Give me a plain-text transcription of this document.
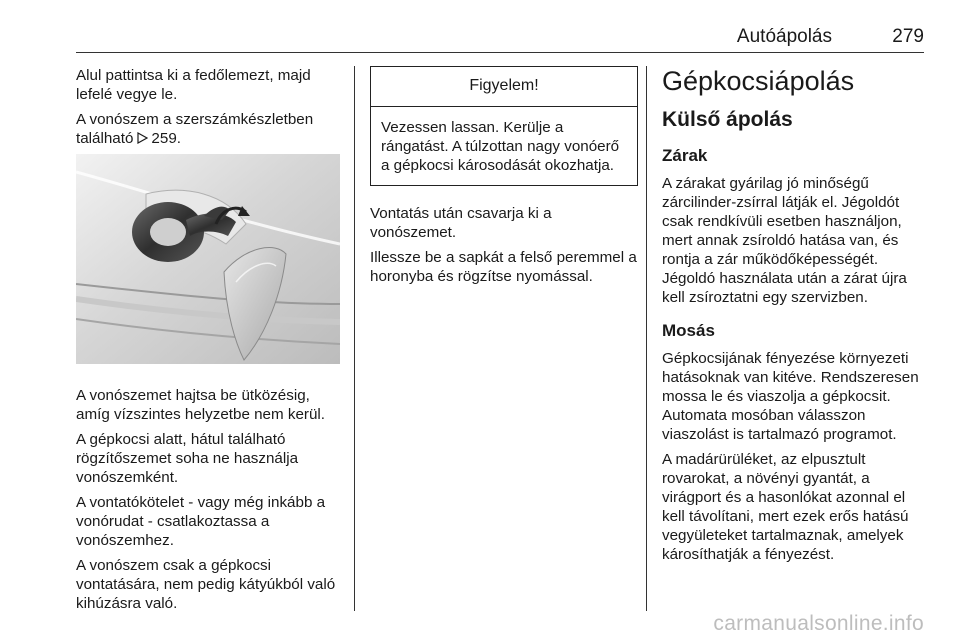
Autóápolás	279

Alul pattintsa ki a fedőlemezt, majd lefelé vegye le.

A vonószem a szerszámkészletben található 259.

A vonószemet hajtsa be ütközésig, amíg vízszintes helyzetbe nem kerül.

A gépkocsi alatt, hátul található rögzítőszemet soha ne használja vonószemként.

A vontatókötelet - vagy még inkább a vonórudat - csatlakoztassa a vonószemhez.

A vonószem csak a gépkocsi vontatására, nem pedig kátyúkból való kihúzásra való.

Figyelem!
Vezessen lassan. Kerülje a rángatást. A túlzottan nagy vonóerő a gépkocsi károsodását okozhatja.

Vontatás után csavarja ki a vonószemet.

Illessze be a sapkát a felső peremmel a horonyba és rögzítse nyomással.

Gépkocsiápolás
Külső ápolás
Zárak

A zárakat gyárilag jó minőségű zárcilinder-zsírral látják el. Jégoldót csak rendkívüli esetben használjon, mert annak zsíroldó hatása van, és rontja a zár működőképességét. Jégoldó használata után a zárat újra kell zsíroztatni egy szervizben.

Mosás

Gépkocsijának fényezése környezeti hatásoknak van kitéve. Rendszeresen mossa le és viaszolja a gépkocsit. Automata mosóban válasszon viaszolást is tartalmazó programot.

A madárürüléket, az elpusztult rovarokat, a növényi gyantát, a virágport és a hasonlókat azonnal el kell távolítani, mert ezek erős hatású vegyületeket tartalmaznak, amelyek károsíthatják a fényezést.

carmanualsonline.info
